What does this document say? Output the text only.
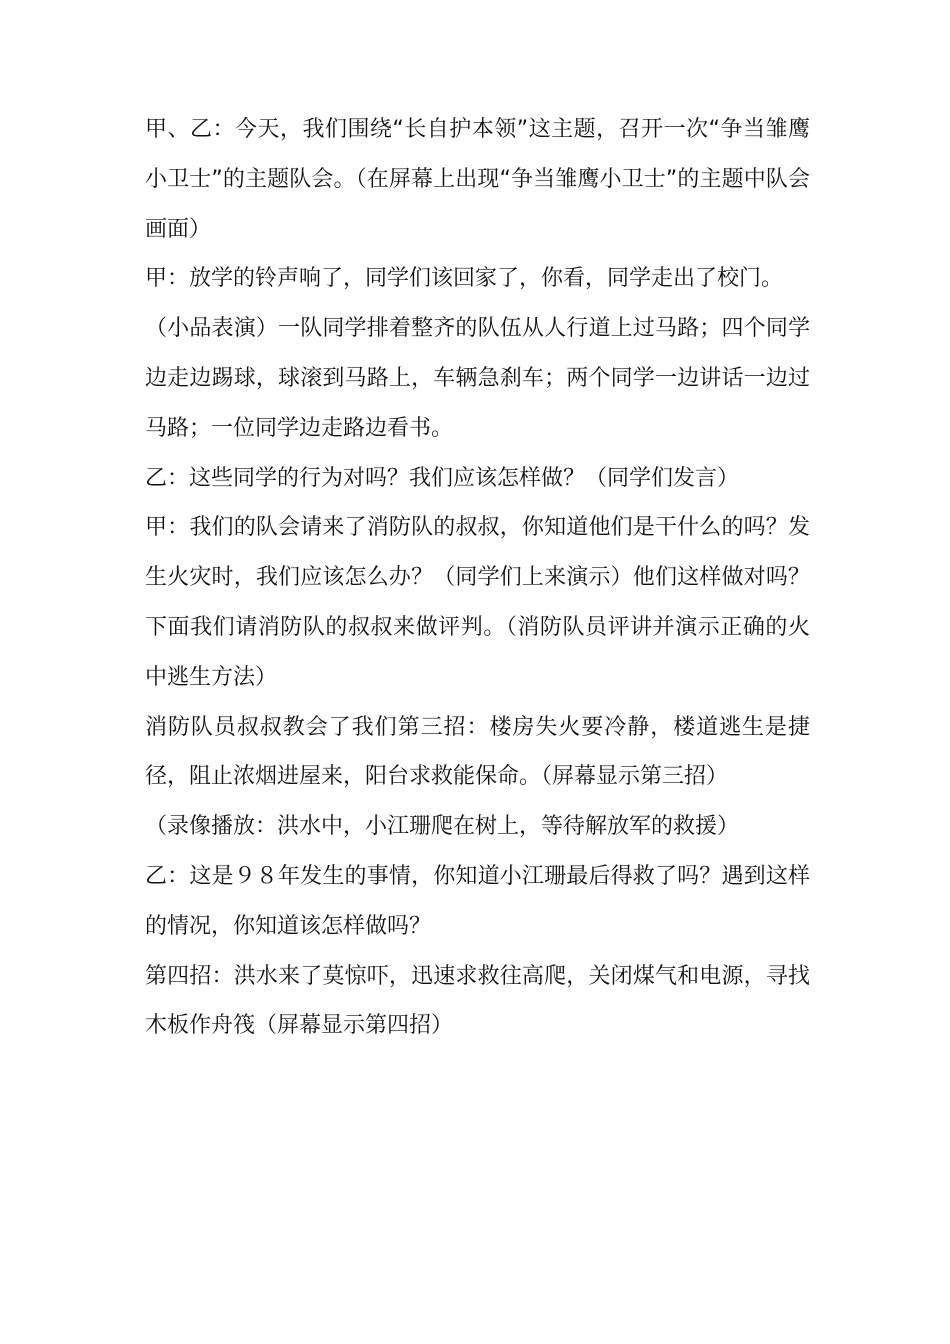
甲、乙：今天，我们围绕“长自护本领”这主题，召开一次“争当雏鹰小卫士”的主题队会。（在屏幕上出现“争当雏鹰小卫士”的主题中队会画面）

甲：放学的铃声响了，同学们该回家了，你看，同学走出了校门。

（小品表演）一队同学排着整齐的队伍从人行道上过马路；四个同学边走边踢球，球滚到马路上，车辆急刹车；两个同学一边讲话一边过马路；一位同学边走路边看书。

乙：这些同学的行为对吗？我们应该怎样做？（同学们发言）

甲：我们的队会请来了消防队的叔叔，你知道他们是干什么的吗？发生火灾时，我们应该怎么办？（同学们上来演示）他们这样做对吗？下面我们请消防队的叔叔来做评判。（消防队员评讲并演示正确的火中逃生方法）

消防队员叔叔教会了我们第三招：楼房失火要冷静，楼道逃生是捷径，阻止浓烟进屋来，阳台求救能保命。（屏幕显示第三招）

（录像播放：洪水中，小江珊爬在树上，等待解放军的救援）

乙：这是９８年发生的事情，你知道小江珊最后得救了吗？遇到这样的情况，你知道该怎样做吗？

第四招：洪水来了莫惊吓，迅速求救往高爬，关闭煤气和电源，寻找木板作舟筏（屏幕显示第四招）
